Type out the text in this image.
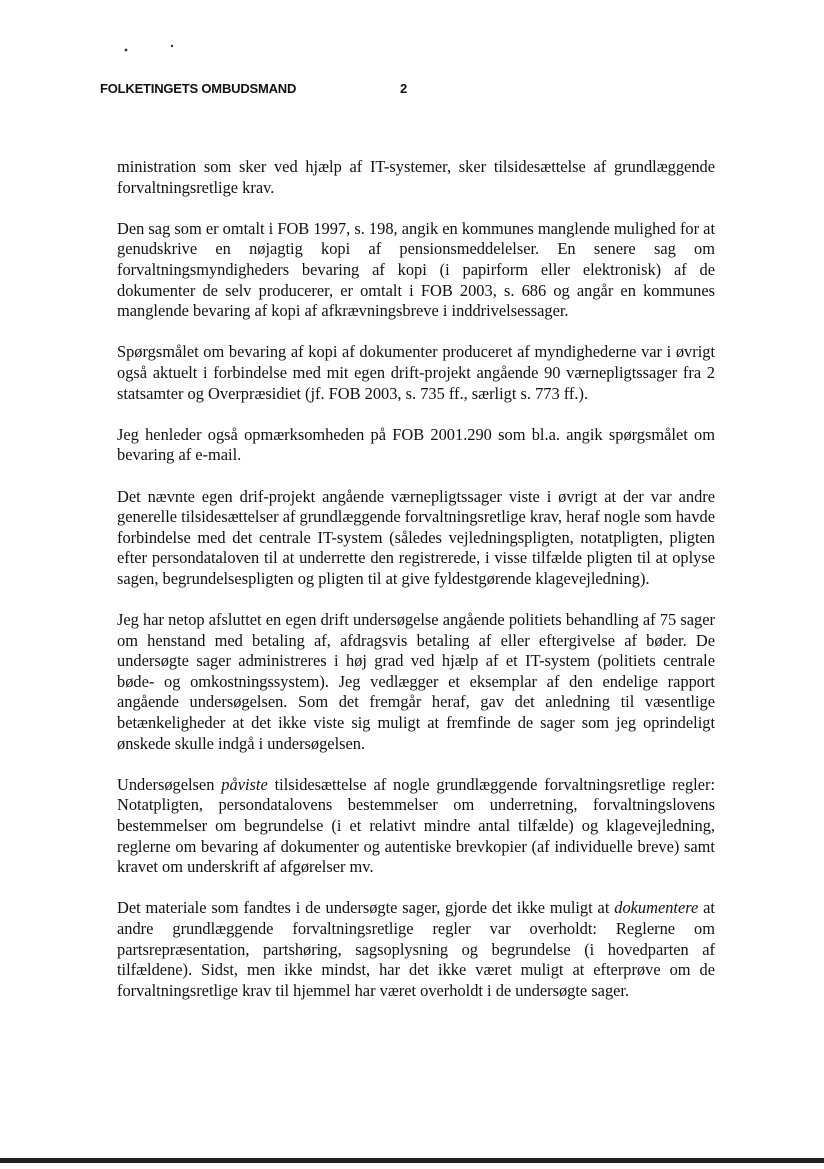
FOLKETINGETS OMBUDSMAND	2

ministration som sker ved hjælp af IT-systemer, sker tilsidesættelse af grundlæggende forvaltningsretlige krav.

Den sag som er omtalt i FOB 1997, s. 198, angik en kommunes manglende mulighed for at genudskrive en nøjagtig kopi af pensionsmeddelelser. En senere sag om forvaltningsmyndigheders bevaring af kopi (i papirform eller elektronisk) af de dokumenter de selv producerer, er omtalt i FOB 2003, s. 686 og angår en kommunes manglende bevaring af kopi af afkrævningsbreve i inddrivelsessager.

Spørgsmålet om bevaring af kopi af dokumenter produceret af myndighederne var i øvrigt også aktuelt i forbindelse med mit egen drift-projekt angående 90 værnepligtssager fra 2 statsamter og Overpræsidiet (jf. FOB 2003, s. 735 ff., særligt s. 773 ff.).

Jeg henleder også opmærksomheden på FOB 2001.290 som bl.a. angik spørgsmålet om bevaring af e-mail.

Det nævnte egen drif-projekt angående værnepligtssager viste i øvrigt at der var andre generelle tilsidesættelser af grundlæggende forvaltningsretlige krav, heraf nogle som havde forbindelse med det centrale IT-system (således vejledningspligten, notatpligten, pligten efter persondataloven til at underrette den registrerede, i visse tilfælde pligten til at oplyse sagen, begrundelsespligten og pligten til at give fyldestgørende klagevejledning).

Jeg har netop afsluttet en egen drift undersøgelse angående politiets behandling af 75 sager om henstand med betaling af, afdragsvis betaling af eller eftergivelse af bøder. De undersøgte sager administreres i høj grad ved hjælp af et IT-system (politiets centrale bøde- og omkostningssystem). Jeg vedlægger et eksemplar af den endelige rapport angående undersøgelsen. Som det fremgår heraf, gav det anledning til væsentlige betænkeligheder at det ikke viste sig muligt at fremfinde de sager som jeg oprindeligt ønskede skulle indgå i undersøgelsen.

Undersøgelsen påviste tilsidesættelse af nogle grundlæggende forvaltningsretlige regler: Notatpligten, persondatalovens bestemmelser om underretning, forvaltningslovens bestemmelser om begrundelse (i et relativt mindre antal tilfælde) og klagevejledning, reglerne om bevaring af dokumenter og autentiske brevkopier (af individuelle breve) samt kravet om underskrift af afgørelser mv.

Det materiale som fandtes i de undersøgte sager, gjorde det ikke muligt at dokumentere at andre grundlæggende forvaltningsretlige regler var overholdt: Reglerne om partsrepræsentation, partshøring, sagsoplysning og begrundelse (i hovedparten af tilfældene). Sidst, men ikke mindst, har det ikke været muligt at efterprøve om de forvaltningsretlige krav til hjemmel har været overholdt i de undersøgte sager.
